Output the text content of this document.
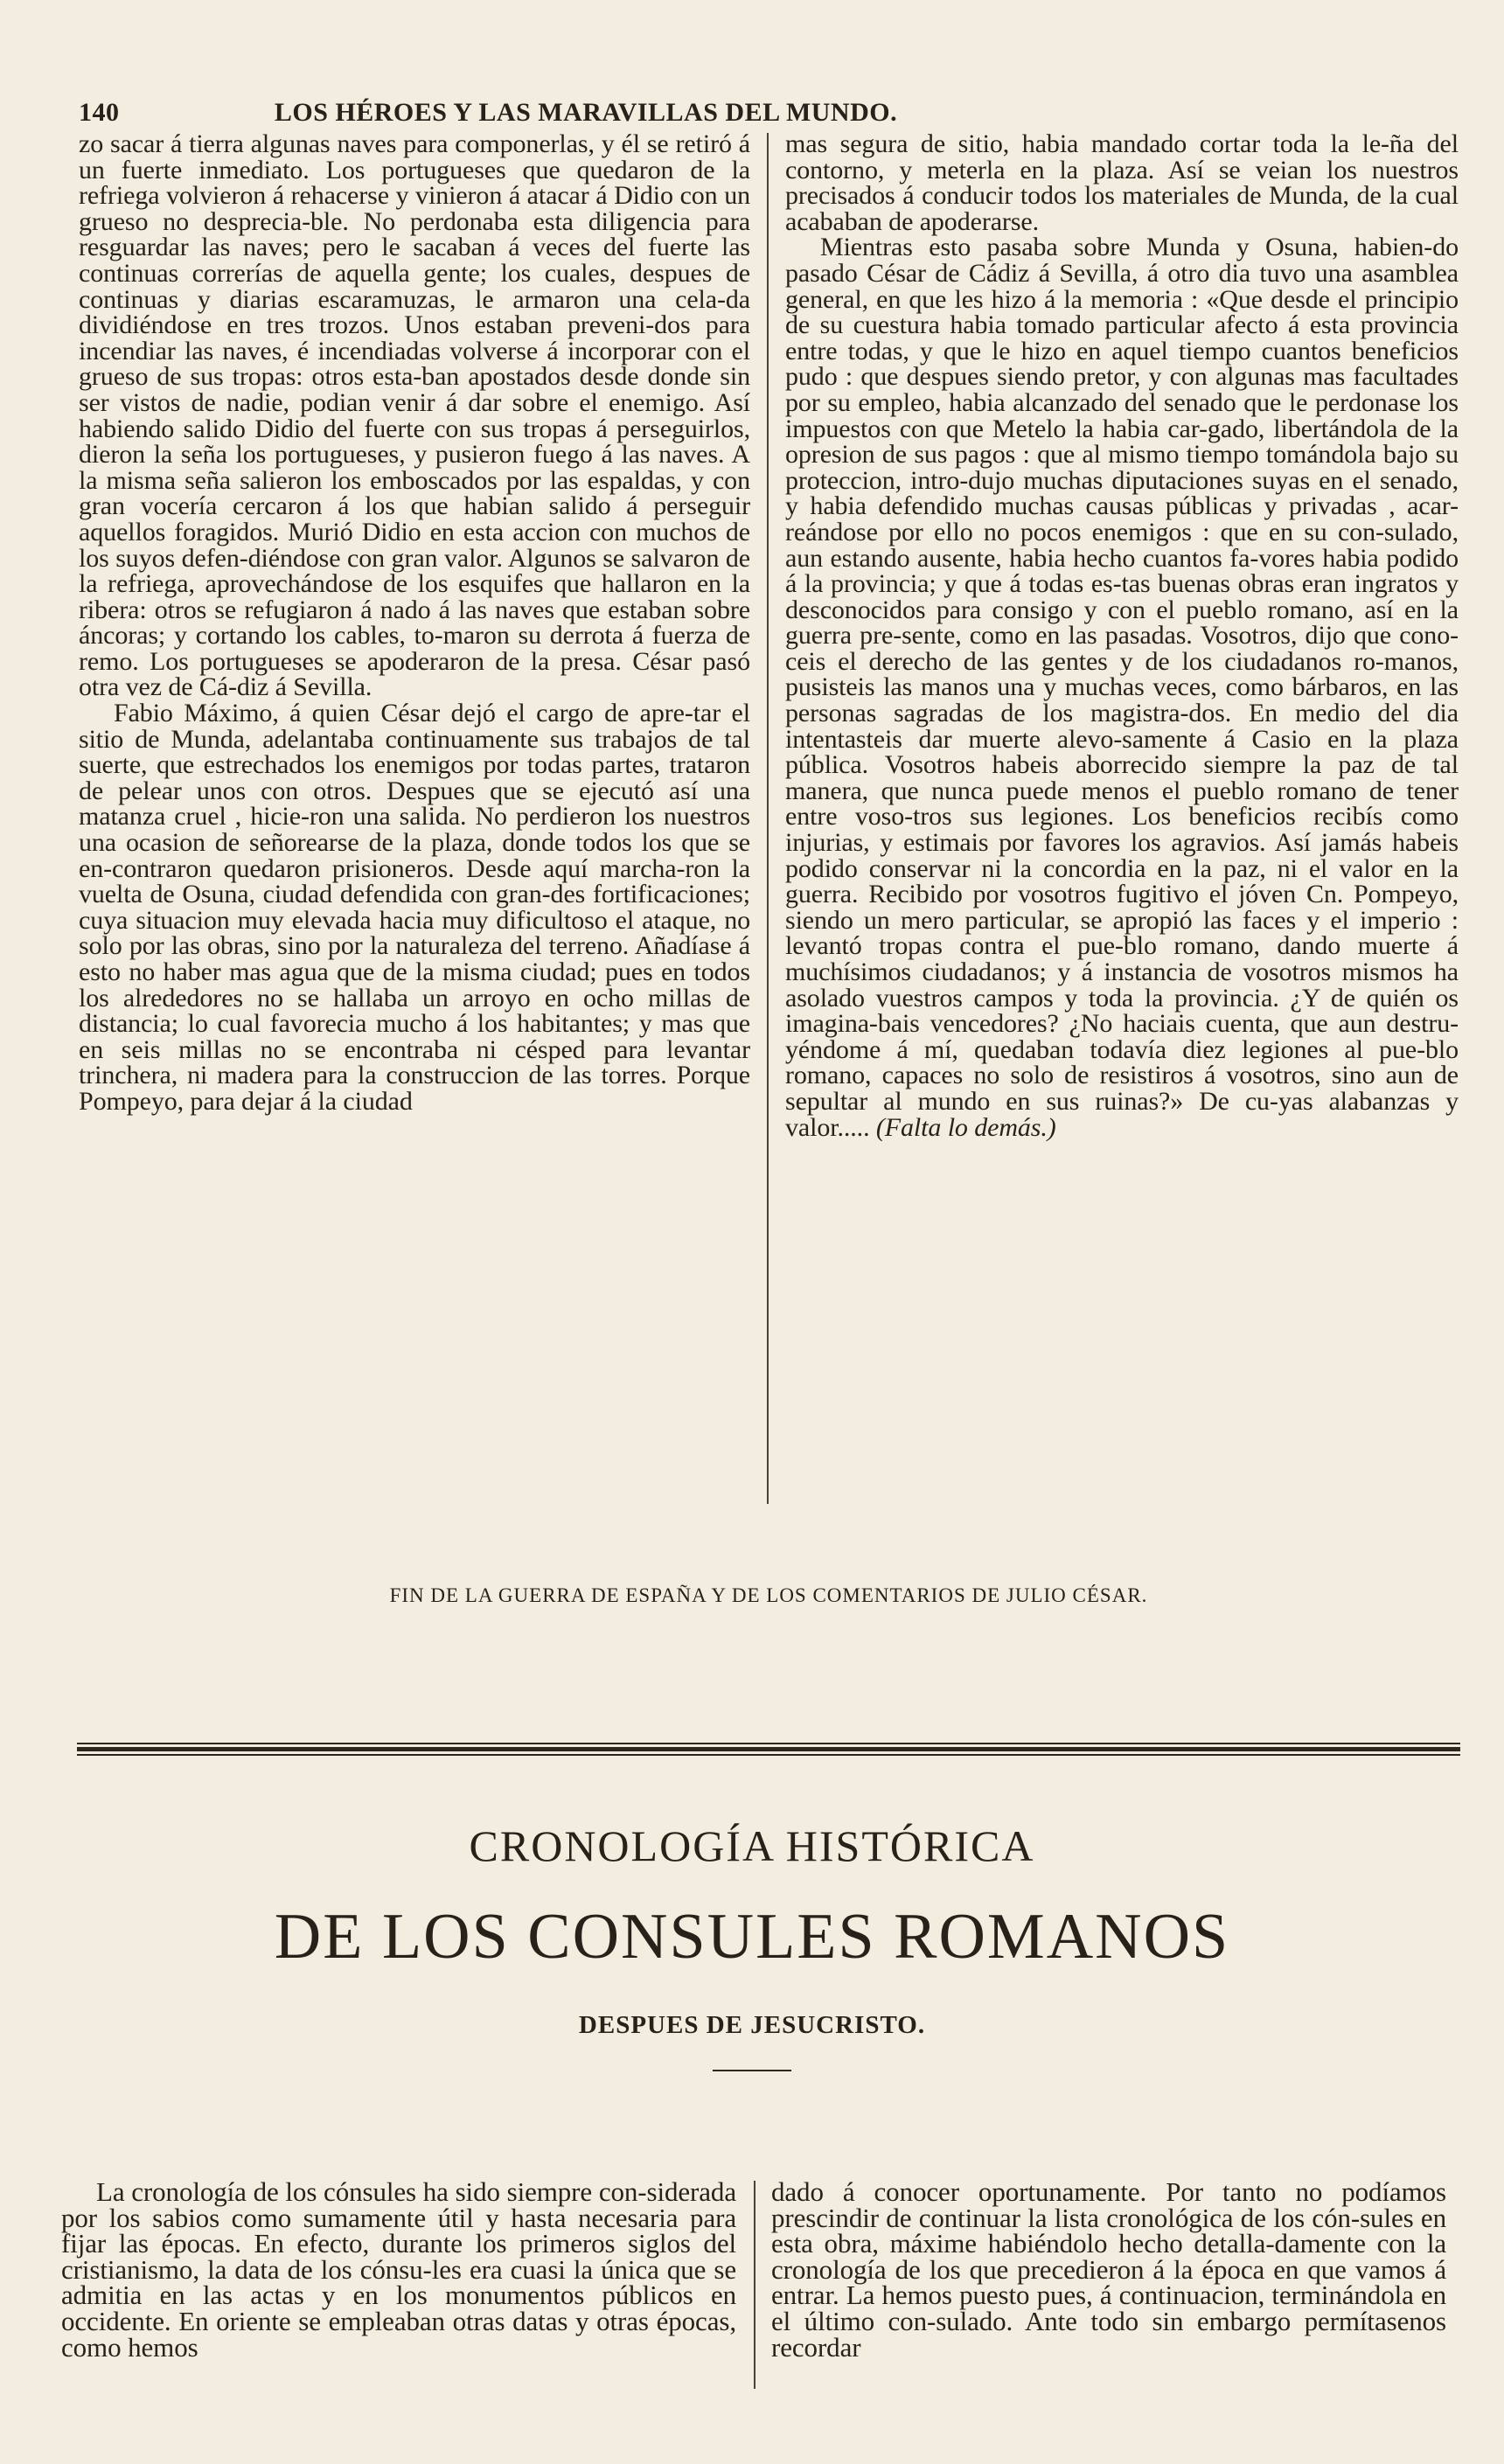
140	LOS HÉROES Y LAS MARAVILLAS DEL MUNDO.

zo sacar á tierra algunas naves para componerlas, y él se retiró á un fuerte inmediato. Los portugueses que quedaron de la refriega volvieron á rehacerse y vinieron á atacar á Didio con un grueso no desprecia-ble. No perdonaba esta diligencia para resguardar las naves; pero le sacaban á veces del fuerte las continuas correrías de aquella gente; los cuales, despues de continuas y diarias escaramuzas, le armaron una cela-da dividiéndose en tres trozos. Unos estaban preveni-dos para incendiar las naves, é incendiadas volverse á incorporar con el grueso de sus tropas: otros esta-ban apostados desde donde sin ser vistos de nadie, podian venir á dar sobre el enemigo. Así habiendo salido Didio del fuerte con sus tropas á perseguirlos, dieron la seña los portugueses, y pusieron fuego á las naves. A la misma seña salieron los emboscados por las espaldas, y con gran vocería cercaron á los que habian salido á perseguir aquellos foragidos. Murió Didio en esta accion con muchos de los suyos defen-diéndose con gran valor. Algunos se salvaron de la refriega, aprovechándose de los esquifes que hallaron en la ribera: otros se refugiaron á nado á las naves que estaban sobre áncoras; y cortando los cables, to-maron su derrota á fuerza de remo. Los portugueses se apoderaron de la presa. César pasó otra vez de Cá-diz á Sevilla.

Fabio Máximo, á quien César dejó el cargo de apre-tar el sitio de Munda, adelantaba continuamente sus trabajos de tal suerte, que estrechados los enemigos por todas partes, trataron de pelear unos con otros. Despues que se ejecutó así una matanza cruel , hicie-ron una salida. No perdieron los nuestros una ocasion de señorearse de la plaza, donde todos los que se en-contraron quedaron prisioneros. Desde aquí marcha-ron la vuelta de Osuna, ciudad defendida con gran-des fortificaciones; cuya situacion muy elevada hacia muy dificultoso el ataque, no solo por las obras, sino por la naturaleza del terreno. Añadíase á esto no haber mas agua que de la misma ciudad; pues en todos los alrededores no se hallaba un arroyo en ocho millas de distancia; lo cual favorecia mucho á los habitantes; y mas que en seis millas no se encontraba ni césped para levantar trinchera, ni madera para la construccion de las torres. Porque Pompeyo, para dejar á la ciudad

mas segura de sitio, habia mandado cortar toda la le-ña del contorno, y meterla en la plaza. Así se veian los nuestros precisados á conducir todos los materiales de Munda, de la cual acababan de apoderarse.

Mientras esto pasaba sobre Munda y Osuna, habien-do pasado César de Cádiz á Sevilla, á otro dia tuvo una asamblea general, en que les hizo á la memoria : «Que desde el principio de su cuestura habia tomado particular afecto á esta provincia entre todas, y que le hizo en aquel tiempo cuantos beneficios pudo : que despues siendo pretor, y con algunas mas facultades por su empleo, habia alcanzado del senado que le perdonase los impuestos con que Metelo la habia car-gado, libertándola de la opresion de sus pagos : que al mismo tiempo tomándola bajo su proteccion, intro-dujo muchas diputaciones suyas en el senado, y habia defendido muchas causas públicas y privadas , acar-reándose por ello no pocos enemigos : que en su con-sulado, aun estando ausente, habia hecho cuantos fa-vores habia podido á la provincia; y que á todas es-tas buenas obras eran ingratos y desconocidos para consigo y con el pueblo romano, así en la guerra pre-sente, como en las pasadas. Vosotros, dijo que cono-ceis el derecho de las gentes y de los ciudadanos ro-manos, pusisteis las manos una y muchas veces, como bárbaros, en las personas sagradas de los magistra-dos. En medio del dia intentasteis dar muerte alevo-samente á Casio en la plaza pública. Vosotros habeis aborrecido siempre la paz de tal manera, que nunca puede menos el pueblo romano de tener entre voso-tros sus legiones. Los beneficios recibís como injurias, y estimais por favores los agravios. Así jamás habeis podido conservar ni la concordia en la paz, ni el valor en la guerra. Recibido por vosotros fugitivo el jóven Cn. Pompeyo, siendo un mero particular, se apropió las faces y el imperio : levantó tropas contra el pue-blo romano, dando muerte á muchísimos ciudadanos; y á instancia de vosotros mismos ha asolado vuestros campos y toda la provincia. ¿Y de quién os imagina-bais vencedores? ¿No haciais cuenta, que aun destru-yéndome á mí, quedaban todavía diez legiones al pue-blo romano, capaces no solo de resistiros á vosotros, sino aun de sepultar al mundo en sus ruinas?» De cu-yas alabanzas y valor..... (Falta lo demás.)

FIN DE LA GUERRA DE ESPAÑA Y DE LOS COMENTARIOS DE JULIO CÉSAR.
CRONOLOGÍA HISTÓRICA
DE LOS CONSULES ROMANOS
DESPUES DE JESUCRISTO.

La cronología de los cónsules ha sido siempre con-siderada por los sabios como sumamente útil y hasta necesaria para fijar las épocas. En efecto, durante los primeros siglos del cristianismo, la data de los cónsu-les era cuasi la única que se admitia en las actas y en los monumentos públicos en occidente. En oriente se empleaban otras datas y otras épocas, como hemos

dado á conocer oportunamente. Por tanto no podíamos prescindir de continuar la lista cronológica de los cón-sules en esta obra, máxime habiéndolo hecho detalla-damente con la cronología de los que precedieron á la época en que vamos á entrar. La hemos puesto pues, á continuacion, terminándola en el último con-sulado. Ante todo sin embargo permítasenos recordar
